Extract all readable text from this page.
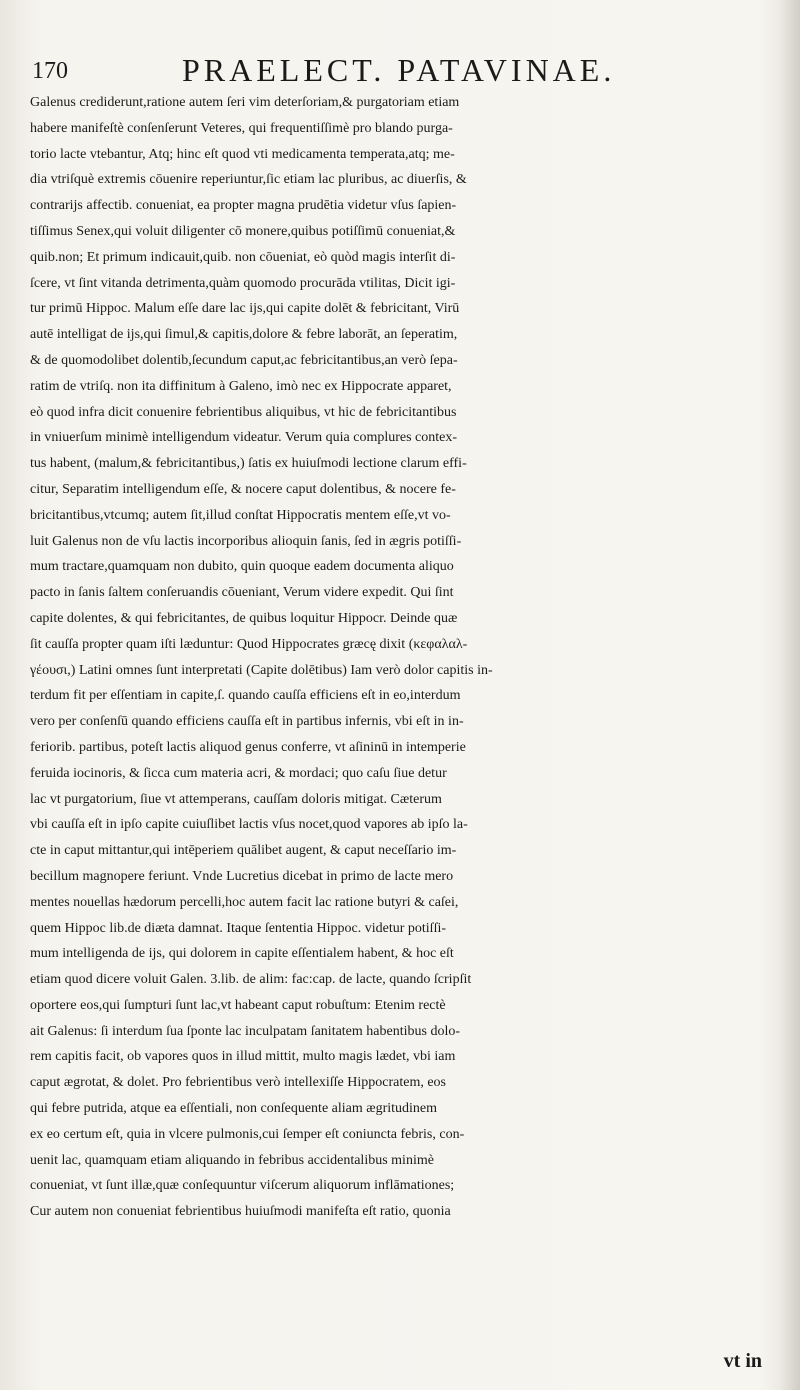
170	PRAELECT. PATAVINAE.
Galenus crediderunt,ratione autem ſeri vim deterſoriam,& purgatoriam etiam
habere manifeſtè conſenſerunt Veteres, qui frequentiſſimè pro blando purga-
torio lacte vtebantur, Atq; hinc eſt quod vti medicamenta temperata,atq; me-
dia vtriſquè extremis cōuenire reperiuntur,ſic etiam lac pluribus, ac diuerſis, &
contrarijs affectib. conueniat, ea propter magna prudētia videtur vſus ſapien-
tiſſimus Senex,qui voluit diligenter cō monere,quibus potiſſimū conueniat,&
quib.non; Et primum indicauit,quib. non cōueniat, eò quòd magis interſit di-
ſcere, vt ſint vitanda detrimenta,quàm quomodo procurāda vtilitas, Dicit igi-
tur primū Hippoc. Malum eſſe dare lac ijs,qui capite dolēt & febricitant, Virū
autē intelligat de ijs,qui ſimul,& capitis,dolore & febre laborāt, an ſeperatim,
& de quomodolibet dolentib,ſecundum caput,ac febricitantibus,an verò ſepa-
ratim de vtriſq. non ita diffinitum à Galeno, imò nec ex Hippocrate apparet,
eò quod infra dicit conuenire febrientibus aliquibus, vt hic de febricitantibus
in vniuerſum minimè intelligendum videatur. Verum quia complures contex-
tus habent, (malum,& febricitantibus,) ſatis ex huiuſmodi lectione clarum effi-
citur, Separatim intelligendum eſſe, & nocere caput dolentibus, & nocere fe-
bricitantibus,vtcumq; autem ſit,illud conſtat Hippocratis mentem eſſe,vt vo-
luit Galenus non de vſu lactis incorporibus alioquin ſanis, ſed in ægris potiſſi-
mum tractare,quamquam non dubito, quin quoque eadem documenta aliquo
pacto in ſanis ſaltem conſeruandis cōueniant, Verum videre expedit. Qui ſint
capite dolentes, & qui febricitantes, de quibus loquitur Hippocr. Deinde quæ
ſit cauſſa propter quam iſti læduntur: Quod Hippocrates græcę dixit (κεφαλαλ-
γέουσι,) Latini omnes ſunt interpretati (Capite dolētibus) Iam verò dolor capitis in-
terdum fit per eſſentiam in capite,ſ. quando cauſſa efficiens eſt in eo,interdum
vero per conſenſū quando efficiens cauſſa eſt in partibus infernis, vbi eſt in in-
feriorib. partibus, poteſt lactis aliquod genus conferre, vt aſininū in intemperie
feruida iocinoris, & ſicca cum materia acri, & mordaci; quo caſu ſiue detur
lac vt purgatorium, ſiue vt attemperans, cauſſam doloris mitigat. Cæterum
vbi cauſſa eſt in ipſo capite cuiuſlibet lactis vſus nocet,quod vapores ab ipſo la-
cte in caput mittantur,qui intēperiem quālibet augent, & caput neceſſario im-
becillum magnopere feriunt. Vnde Lucretius dicebat in primo de lacte mero
mentes nouellas hædorum percelli,hoc autem facit lac ratione butyri & caſei,
quem Hippoc lib.de diæta damnat. Itaque ſententia Hippoc. videtur potiſſi-
mum intelligenda de ijs, qui dolorem in capite eſſentialem habent, & hoc eſt
etiam quod dicere voluit Galen. 3.lib. de alim: fac:cap. de lacte, quando ſcripſit
oportere eos,qui ſumpturi ſunt lac,vt habeant caput robuſtum: Etenim rectè
ait Galenus: ſi interdum ſua ſponte lac inculpatam ſanitatem habentibus dolo-
rem capitis facit, ob vapores quos in illud mittit, multo magis lædet, vbi iam
caput ægrotat, & dolet. Pro febrientibus verò intellexiſſe Hippocratem, eos
qui febre putrida, atque ea eſſentiali, non conſequente aliam ægritudinem
ex eo certum eſt, quia in vlcere pulmonis,cui ſemper eſt coniuncta febris, con-
uenit lac, quamquam etiam aliquando in febribus accidentalibus minimè
conueniat, vt ſunt illæ,quæ conſequuntur viſcerum aliquorum inflāmationes;
Cur autem non conueniat febrientibus huiuſmodi manifeſta eſt ratio, quonia
vt in
